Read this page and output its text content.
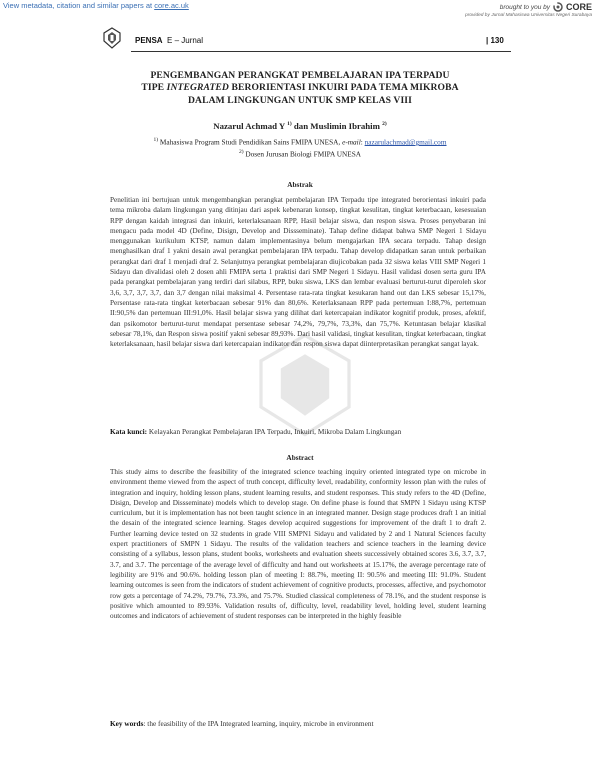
View metadata, citation and similar papers at core.ac.uk	brought to you by CORE
provided by Jurnal Mahasiswa Universitas Negeri Surabaya
PENSA E – Jurnal	| 130
PENGEMBANGAN PERANGKAT PEMBELAJARAN IPA TERPADU
TIPE INTEGRATED BERORIENTASI INKUIRI PADA TEMA MIKROBA
DALAM LINGKUNGAN UNTUK SMP KELAS VIII
Nazarul Achmad Y $^{1)}$ dan Muslimin Ibrahim $^{2)}$
$^{1)}$ Mahasiswa Program Studi Pendidikan Sains FMIPA UNESA, e-mail: nazarulachmad@gmail.com
$^{2)}$ Dosen Jurusan Biologi FMIPA UNESA
Abstrak
Penelitian ini bertujuan untuk mengembangkan perangkat pembelajaran IPA Terpadu tipe integrated berorientasi inkuiri pada tema mikroba dalam lingkungan yang ditinjau dari aspek kebenaran konsep, tingkat kesulitan, tingkat keterbacaan, kesesuaian RPP dengan kaidah integrasi dan inkuiri, keterlaksanaan RPP, Hasil belajar siswa, dan respon siswa. Proses penyebaran ini mengacu pada model 4D (Define, Disign, Develop and Dissseminate). Tahap define didapat bahwa SMP Negeri 1 Sidayu menggunakan kurikulum KTSP, namun dalam implementasinya belum mengajarkan IPA secara terpadu. Tahap design menghasilkan draf 1 yakni desain awal perangkat pembelajaran IPA terpadu. Tahap develop didapatkan saran untuk perbaikan perangkat dari draf 1 menjadi draf 2. Selanjutnya perangkat pembelajaran diujicobakan pada 32 siswa kelas VIII SMP Negeri 1 Sidayu dan divalidasi oleh 2 dosen ahli FMIPA serta 1 praktisi dari SMP Negeri 1 Sidayu. Hasil validasi dosen serta guru IPA pada perangkat pembelajaran yang terdiri dari silabus, RPP, buku siswa, LKS dan lembar evaluasi berturut-turut diperoleh skor 3,6, 3,7, 3,7, 3,7, dan 3,7 dengan nilai maksimal 4. Persentase rata-rata tingkat kesukaran hand out dan LKS sebesar 15,17%, Persentase rata-rata tingkat keterbacaan sebesar 91% dan 80,6%. Keterlaksanaan RPP pada pertemuan I:88,7%, pertemuan II:90,5% dan pertemuan III:91,0%. Hasil belajar siswa yang dilihat dari ketercapaian indikator kognitif produk, proses, afektif, dan psikomotor berturut-turut mendapat persentase sebesar 74,2%, 79,7%, 73,3%, dan 75,7%. Ketuntasan belajar klasikal sebesar 78,1%, dan Respon siswa positif yakni sebesar 89,93%. Dari hasil validasi, tingkat kesulitan, tingkat keterbacaan, tingkat keterlaksanaan, hasil belajar siswa dari ketercapaian indikator dan respon siswa dapat diinterpretasikan perangkat sangat layak.
Kata kunci: Kelayakan Perangkat Pembelajaran IPA Terpadu, Inkuiri, Mikroba Dalam Lingkungan
Abstract
This study aims to describe the feasibility of the integrated science teaching inquiry oriented integrated type on microbe in environment theme viewed from the aspect of truth concept, difficulty level, readability, conformity lesson plan with the rules of integration and inquiry, holding lesson plans, student learning results, and student responses. This study refers to the 4D (Define, Disign, Develop and Dissseminate) models which to develop stage. On define phase is found that SMPN 1 Sidayu using KTSP curriculum, but it is implementation has not been taught science in an integrated manner. Design stage produces draft 1 an initial the desain of the integrated science learning. Stages develop acquired suggestions for improvement of the draft 1 to draft 2. Further learning device tested on 32 students in grade VIII SMPN1 Sidayu and validated by 2 and 1 Natural Sciences faculty expert practitioners of SMPN 1 Sidayu. The results of the validation teachers and science teachers in the learning device consisting of a syllabus, lesson plans, student books, worksheets and evaluation sheets successively obtained scores 3.6, 3.7, 3.7, 3.7, and 3.7. The percentage of the average level of difficulty and hand out worksheets at 15.17%, the average percentage rate of legibility are 91% and 90.6%. holding lesson plan of meeting I: 88.7%, meeting II: 90.5% and meeting III: 91.0%. Student learning outcomes is seen from the indicators of student achievement of cognitive products, processes, affective, and psychomotor row gets a percentage of 74.2%, 79.7%, 73.3%, and 75.7%. Studied classical completeness of 78.1%, and the student response is positive which amounted to 89.93%. Validation results of, difficulty, level, readability level, holding level, student learning outcomes and indicators of achievement of student responses can be interpreted in the highly feasible
Key words: the feasibility of the IPA Integrated learning, inquiry, microbe in environment
